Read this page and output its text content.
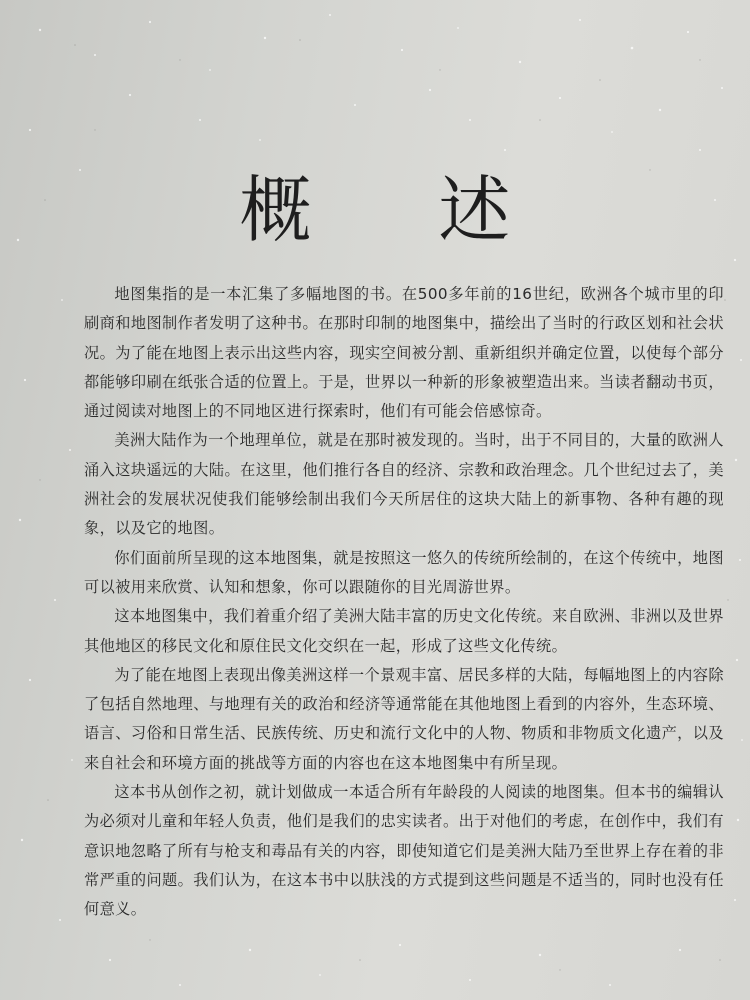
概 述

地图集指的是一本汇集了多幅地图的书。在500多年前的16世纪，欧洲各个城市里的印刷商和地图制作者发明了这种书。在那时印制的地图集中，描绘出了当时的行政区划和社会状况。为了能在地图上表示出这些内容，现实空间被分割、重新组织并确定位置，以使每个部分都能够印刷在纸张合适的位置上。于是，世界以一种新的形象被塑造出来。当读者翻动书页，通过阅读对地图上的不同地区进行探索时，他们有可能会倍感惊奇。

美洲大陆作为一个地理单位，就是在那时被发现的。当时，出于不同目的，大量的欧洲人涌入这块遥远的大陆。在这里，他们推行各自的经济、宗教和政治理念。几个世纪过去了，美洲社会的发展状况使我们能够绘制出我们今天所居住的这块大陆上的新事物、各种有趣的现象，以及它的地图。

你们面前所呈现的这本地图集，就是按照这一悠久的传统所绘制的，在这个传统中，地图可以被用来欣赏、认知和想象，你可以跟随你的目光周游世界。

这本地图集中，我们着重介绍了美洲大陆丰富的历史文化传统。来自欧洲、非洲以及世界其他地区的移民文化和原住民文化交织在一起，形成了这些文化传统。

为了能在地图上表现出像美洲这样一个景观丰富、居民多样的大陆，每幅地图上的内容除了包括自然地理、与地理有关的政治和经济等通常能在其他地图上看到的内容外，生态环境、语言、习俗和日常生活、民族传统、历史和流行文化中的人物、物质和非物质文化遗产，以及来自社会和环境方面的挑战等方面的内容也在这本地图集中有所呈现。

这本书从创作之初，就计划做成一本适合所有年龄段的人阅读的地图集。但本书的编辑认为必须对儿童和年轻人负责，他们是我们的忠实读者。出于对他们的考虑，在创作中，我们有意识地忽略了所有与枪支和毒品有关的内容，即使知道它们是美洲大陆乃至世界上存在着的非常严重的问题。我们认为，在这本书中以肤浅的方式提到这些问题是不适当的，同时也没有任何意义。
